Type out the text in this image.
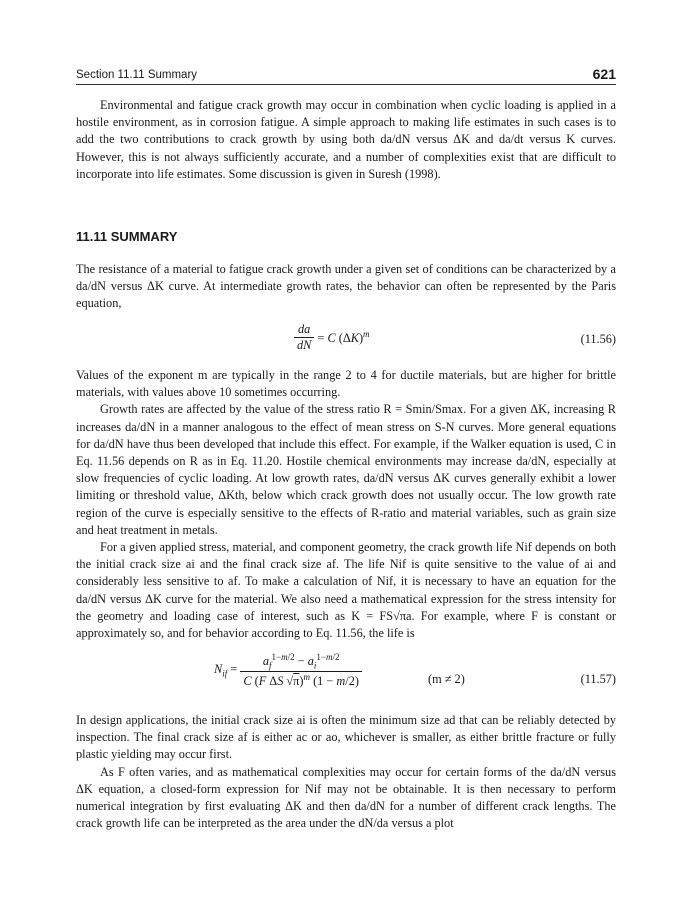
Section 11.11 Summary	621

Environmental and fatigue crack growth may occur in combination when cyclic loading is applied in a hostile environment, as in corrosion fatigue. A simple approach to making life estimates in such cases is to add the two contributions to crack growth by using both da/dN versus ΔK and da/dt versus K curves. However, this is not always sufficiently accurate, and a number of complexities exist that are difficult to incorporate into life estimates. Some discussion is given in Suresh (1998).

11.11 SUMMARY

The resistance of a material to fatigue crack growth under a given set of conditions can be characterized by a da/dN versus ΔK curve. At intermediate growth rates, the behavior can often be represented by the Paris equation,

$\frac{da}{dN} = C$ $(\Delta K)^m$	(11.56)

Values of the exponent m are typically in the range 2 to 4 for ductile materials, but are higher for brittle materials, with values above 10 sometimes occurring.

Growth rates are affected by the value of the stress ratio R = Smin/Smax. For a given ΔK, increasing R increases da/dN in a manner analogous to the effect of mean stress on S-N curves. More general equations for da/dN have thus been developed that include this effect. For example, if the Walker equation is used, C in Eq. 11.56 depends on R as in Eq. 11.20. Hostile chemical environments may increase da/dN, especially at slow frequencies of cyclic loading. At low growth rates, da/dN versus ΔK curves generally exhibit a lower limiting or threshold value, ΔKth, below which crack growth does not usually occur. The low growth rate region of the curve is especially sensitive to the effects of R-ratio and material variables, such as grain size and heat treatment in metals.

For a given applied stress, material, and component geometry, the crack growth life Nif depends on both the initial crack size ai and the final crack size af. The life Nif is quite sensitive to the value of ai and considerably less sensitive to af. To make a calculation of Nif, it is necessary to have an equation for the da/dN versus ΔK curve for the material. We also need a mathematical expression for the stress intensity for the geometry and loading case of interest, such as K = FS√πa. For example, where F is constant or approximately so, and for behavior according to Eq. 11.56, the life is

$N_{if} = \frac{a_f^{1-m/2} - a_i^{1-m/2}}{C (F \Delta S √\pi)^m (1 - m/2)}$	(m ≠ 2)	(11.57)

In design applications, the initial crack size ai is often the minimum size ad that can be reliably detected by inspection. The final crack size af is either ac or ao, whichever is smaller, as either brittle fracture or fully plastic yielding may occur first.

As F often varies, and as mathematical complexities may occur for certain forms of the da/dN versus ΔK equation, a closed-form expression for Nif may not be obtainable. It is then necessary to perform numerical integration by first evaluating ΔK and then da/dN for a number of different crack lengths. The crack growth life can be interpreted as the area under the dN/da versus a plot
